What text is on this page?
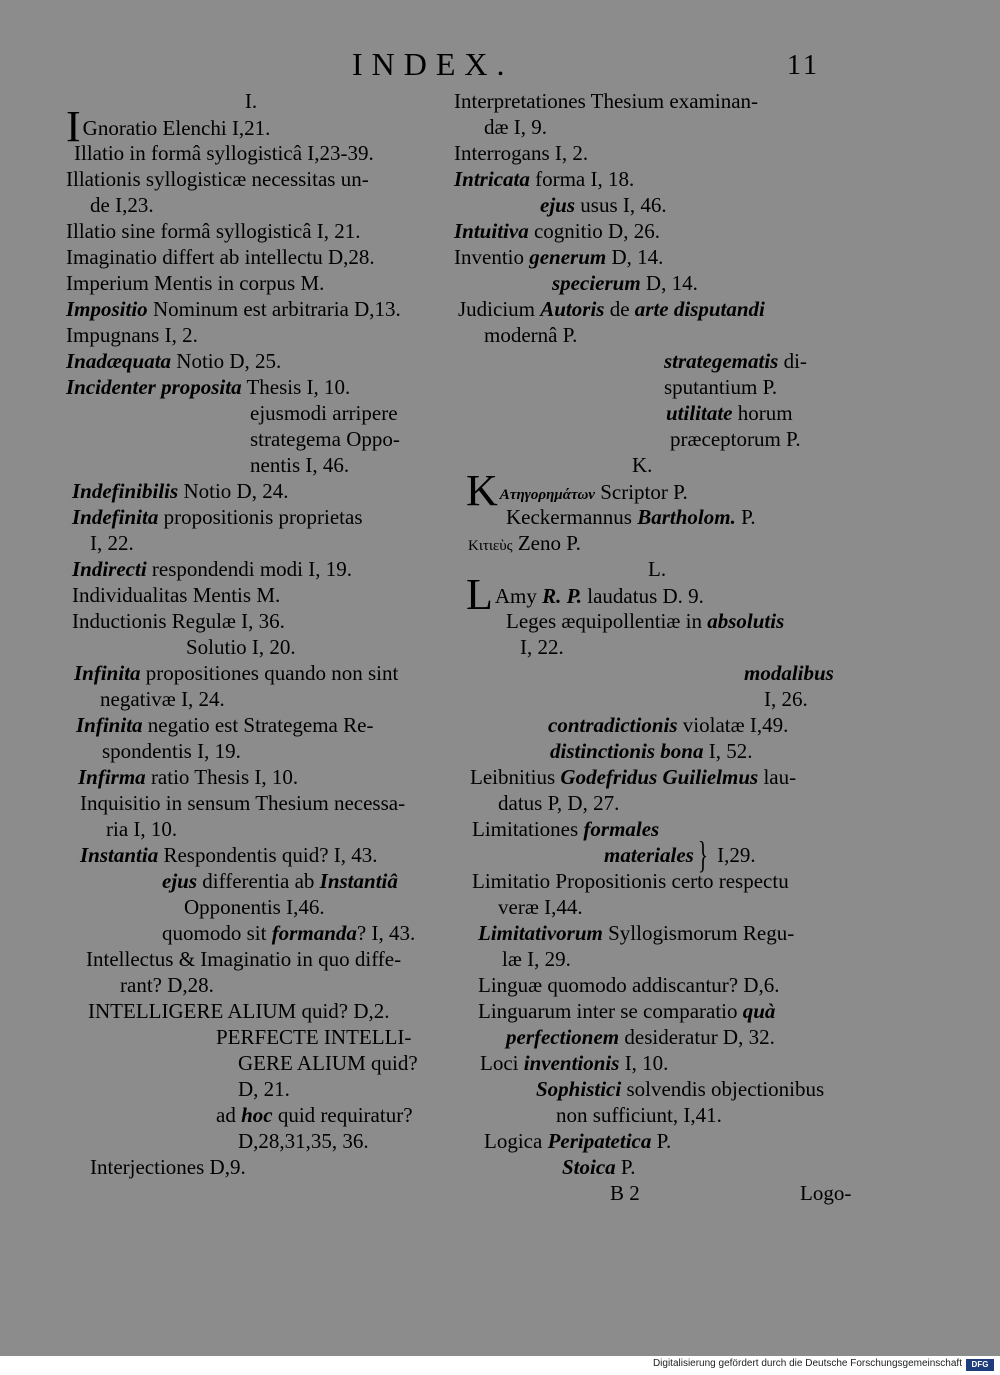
INDEX.	11
I.
IGnoratio Elenchi I,21.
Illatio in formâ syllogisticâ I,23-39.
Illationis syllogisticæ necessitas un-
de I,23.
Illatio sine formâ syllogisticâ I, 21.
Imaginatio differt ab intellectu D,28.
Imperium Mentis in corpus M.
Impositio Nominum est arbitraria D,13.
Impugnans I, 2.
Inadæquata Notio D, 25.
Incidenter proposita Thesis I, 10.
ejusmodi arripere
strategema Oppo-
nentis I, 46.
Indefinibilis Notio D, 24.
Indefinita propositionis proprietas
I, 22.
Indirecti respondendi modi I, 19.
Individualitas Mentis M.
Inductionis Regulæ I, 36.
Solutio I, 20.
Infinita propositiones quando non sint
negativæ I, 24.
Infinita negatio est Strategema Re-
spondentis I, 19.
Infirma ratio Thesis I, 10.
Inquisitio in sensum Thesium necessa-
ria I, 10.
Instantia Respondentis quid? I, 43.
ejus differentia ab Instantiâ
Opponentis I,46.
quomodo sit formanda? I, 43.
Intellectus & Imaginatio in quo diffe-
rant? D,28.
INTELLIGERE ALIUM quid? D,2.
PERFECTE INTELLI-
GERE ALIUM quid?
D, 21.
ad hoc quid requiratur?
D,28,31,35, 36.
Interjectiones D,9.
Interpretationes Thesium examinan-
dæ I, 9.
Interrogans I, 2.
Intricata forma I, 18.
ejus usus I, 46.
Intuitiva cognitio D, 26.
Inventio generum D, 14.
specierum D, 14.
Judicium Autoris de arte disputandi
modernâ P.
strategematis di-
sputantium P.
utilitate horum
præceptorum P.
K.
K Ατηγορημάτων Scriptor P.
Keckermannus Bartholom. P.
Κιτιεὺς Zeno P.
L.
LAmy R. P. laudatus D. 9.
Leges æquipollentiæ in absolutis
I, 22.
modalibus
I, 26.
contradictionis violatæ I,49.
distinctionis bona I, 52.
Leibnitius Godefridus Guilielmus lau-
datus P, D, 27.
Limitationes formales
materiales } I,29.
Limitatio Propositionis certo respectu
veræ I,44.
Limitativorum Syllogismorum Regu-
læ I, 29.
Linguæ quomodo addiscantur? D,6.
Linguarum inter se comparatio quà
perfectionem desideratur D, 32.
Loci inventionis I, 10.
Sophistici solvendis objectionibus
non sufficiunt, I,41.
Logica Peripatetica P.
Stoica P.
B 2	Logo-
Digitalisierung gefördert durch die Deutsche Forschungsgemeinschaft	DFG
